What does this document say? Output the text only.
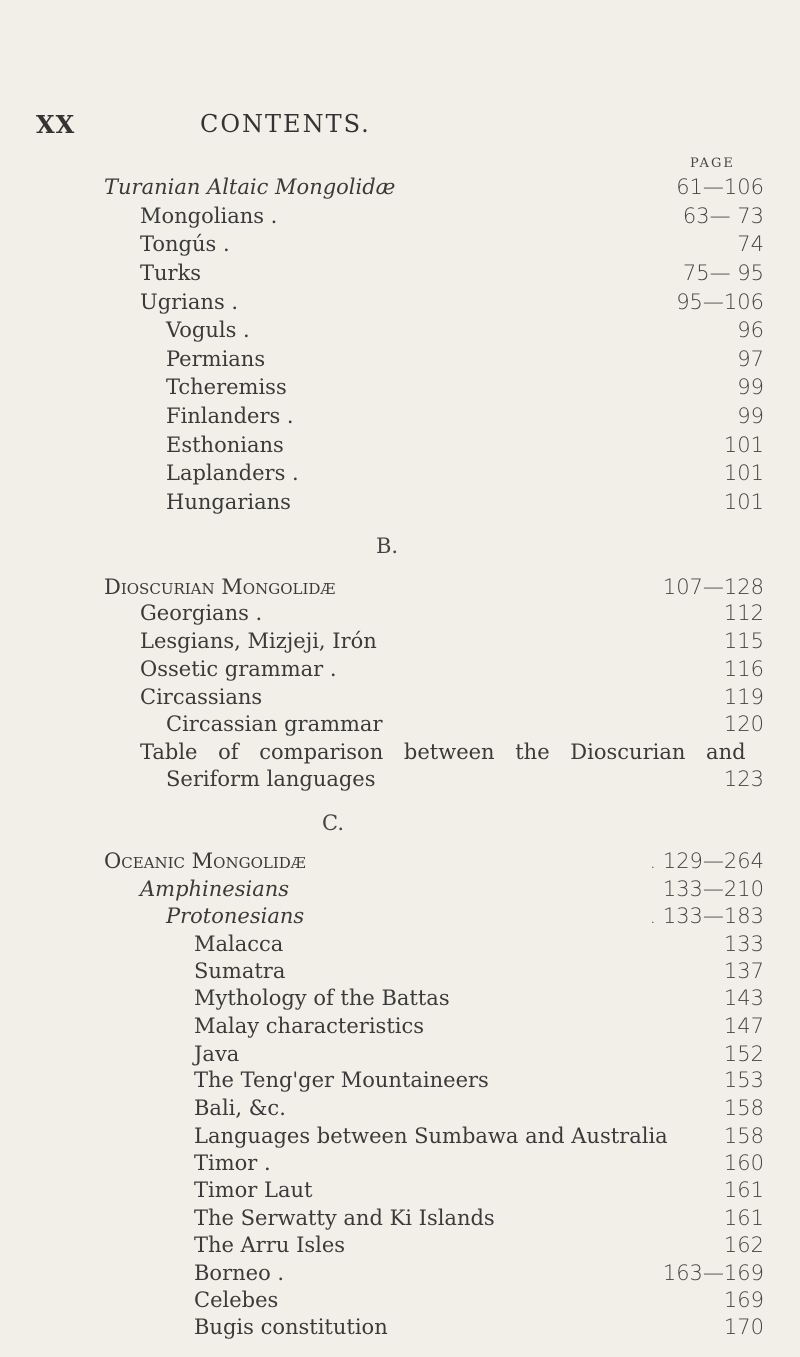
XX	CONTENTS.
PAGE
Turanian Altaic Mongolidæ	61—106
Mongolians .	63— 73
Tongús .	74
Turks	75— 95
Ugrians .	95—106
Voguls .	96
Permians	97
Tcheremiss	99
Finlanders .	99
Esthonians	101
Laplanders .	101
Hungarians	101
B.
Dioscurian Mongolidæ	107—128
Georgians .	112
Lesgians, Mizjeji, Irón	115
Ossetic grammar .	116
Circassians	119
Circassian grammar	120
Table of comparison between the Dioscurian and
Seriform languages	123
C.
Oceanic Mongolidæ	. 129—264
Amphinesians	133—210
Protonesians	. 133—183
Malacca	133
Sumatra	137
Mythology of the Battas	143
Malay characteristics	147
Java	152
The Teng'ger Mountaineers	153
Bali, &c.	158
Languages between Sumbawa and Australia	158
Timor .	160
Timor Laut	161
The Serwatty and Ki Islands	161
The Arru Isles	162
Borneo .	163—169
Celebes	169
Bugis constitution	170
